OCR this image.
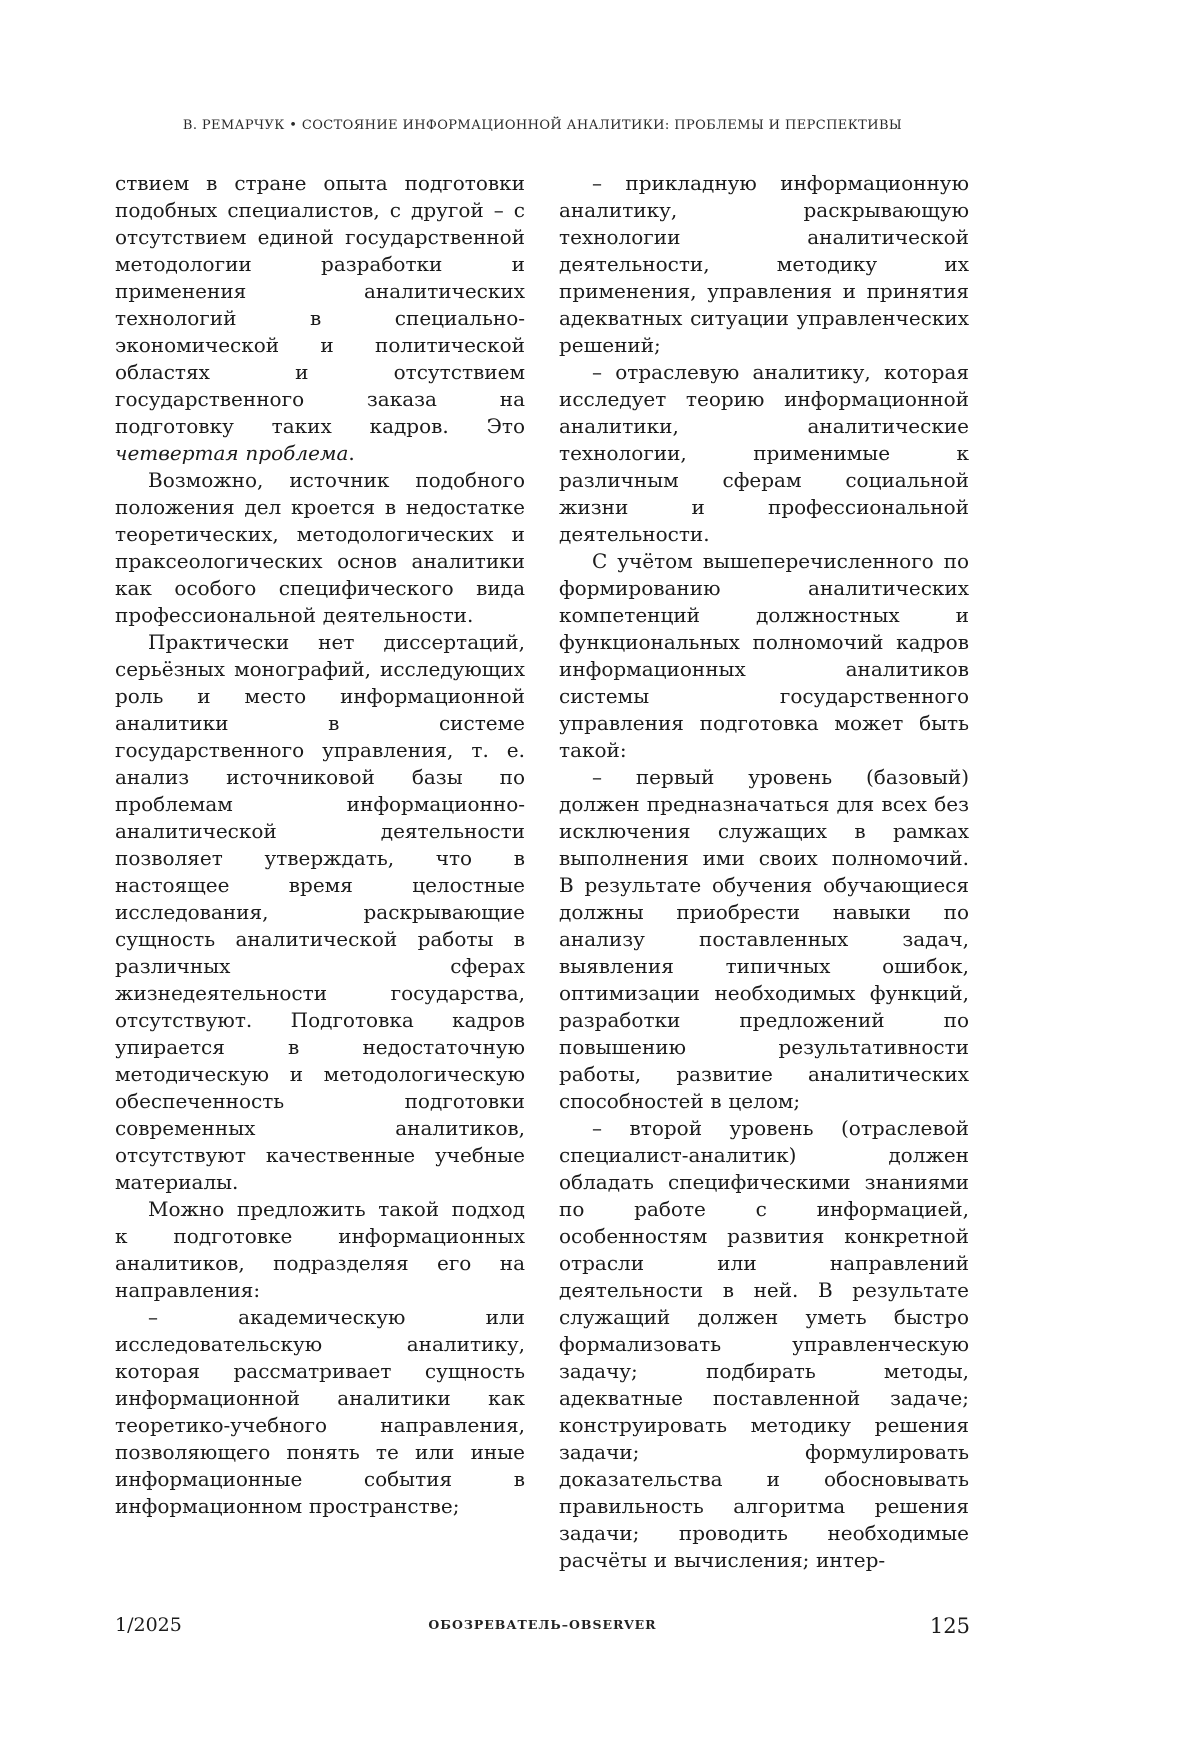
В. РЕМАРЧУК • СОСТОЯНИЕ ИНФОРМАЦИОННОЙ АНАЛИТИКИ: ПРОБЛЕМЫ И ПЕРСПЕКТИВЫ

ствием в стране опыта подготовки подобных специалистов, с другой – с отсутствием единой государственной методологии разработки и применения аналитических технологий в специально-экономической и политической областях и отсутствием государственного заказа на подготовку таких кадров. Это четвертая проблема.

Возможно, источник подобного положения дел кроется в недостатке теоретических, методологических и праксеологических основ аналитики как особого специфического вида профессиональной деятельности.

Практически нет диссертаций, серьёзных монографий, исследующих роль и место информационной аналитики в системе государственного управления, т. е. анализ источниковой базы по проблемам информационно-аналитической деятельности позволяет утверждать, что в настоящее время целостные исследования, раскрывающие сущность аналитической работы в различных сферах жизнедеятельности государства, отсутствуют. Подготовка кадров упирается в недостаточную методическую и методологическую обеспеченность подготовки современных аналитиков, отсутствуют качественные учебные материалы.

Можно предложить такой подход к подготовке информационных аналитиков, подразделяя его на направления:

– академическую или исследовательскую аналитику, которая рассматривает сущность информационной аналитики как теоретико-учебного направления, позволяющего понять те или иные информационные события в информационном пространстве;

– прикладную информационную аналитику, раскрывающую технологии аналитической деятельности, методику их применения, управления и принятия адекватных ситуации управленческих решений;

– отраслевую аналитику, которая исследует теорию информационной аналитики, аналитические технологии, применимые к различным сферам социальной жизни и профессиональной деятельности.

С учётом вышеперечисленного по формированию аналитических компетенций должностных и функциональных полномочий кадров информационных аналитиков системы государственного управления подготовка может быть такой:

– первый уровень (базовый) должен предназначаться для всех без исключения служащих в рамках выполнения ими своих полномочий. В результате обучения обучающиеся должны приобрести навыки по анализу поставленных задач, выявления типичных ошибок, оптимизации необходимых функций, разработки предложений по повышению результативности работы, развитие аналитических способностей в целом;

– второй уровень (отраслевой специалист-аналитик) должен обладать специфическими знаниями по работе с информацией, особенностям развития конкретной отрасли или направлений деятельности в ней. В результате служащий должен уметь быстро формализовать управленческую задачу; подбирать методы, адекватные поставленной задаче; конструировать методику решения задачи; формулировать доказательства и обосновывать правильность алгоритма решения задачи; проводить необходимые расчёты и вычисления; интер-

1/2025	ОБОЗРЕВАТЕЛЬ–OBSERVER	125
